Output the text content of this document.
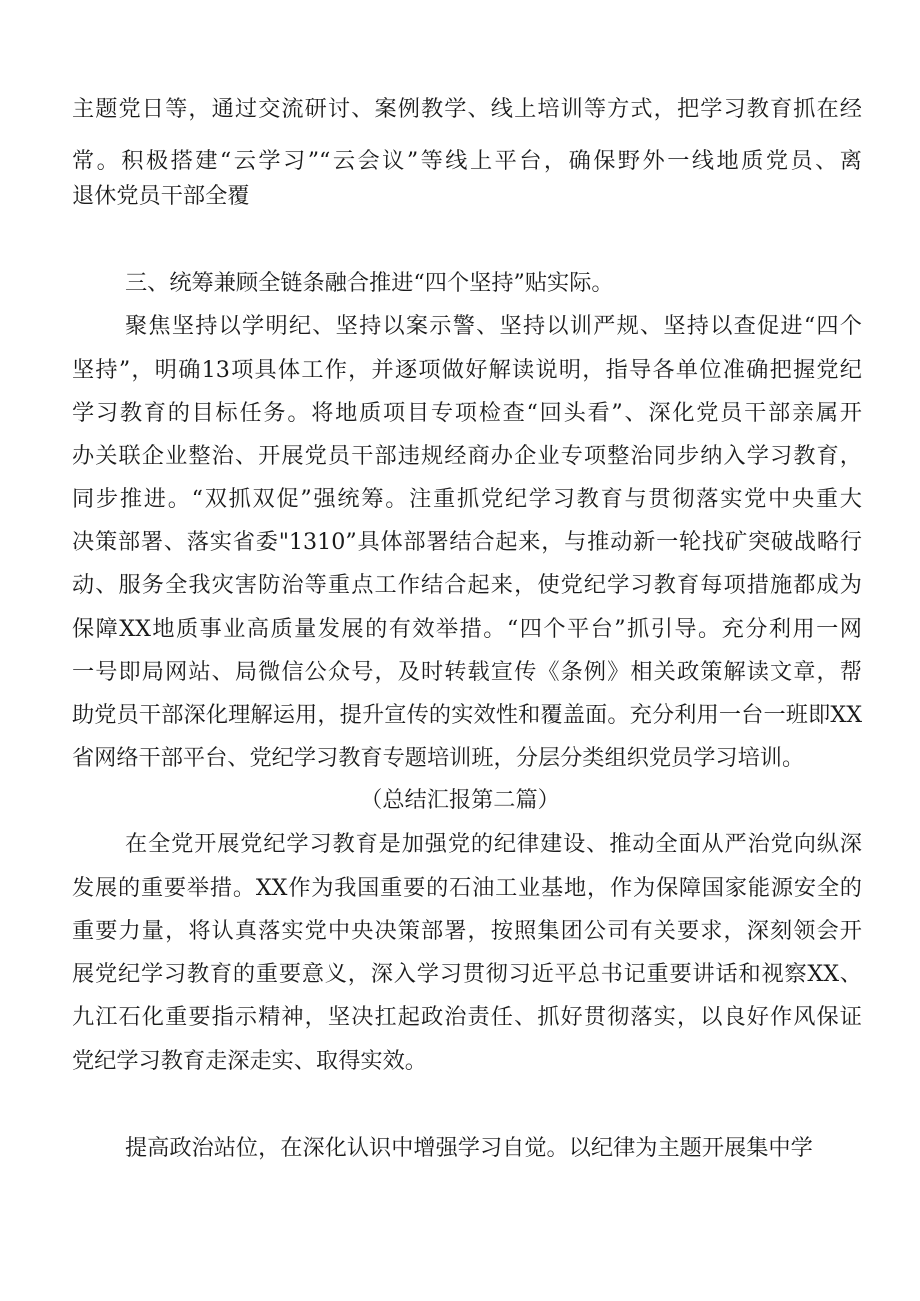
主题党日等，通过交流研讨、案例教学、线上培训等方式，把学习教育抓在经
常。积极搭建“云学习”“云会议”等线上平台，确保野外一线地质党员、离
退休党员干部全覆
三、统筹兼顾全链条融合推进“四个坚持”贴实际。
聚焦坚持以学明纪、坚持以案示警、坚持以训严规、坚持以查促进“四个
坚持”，明确13项具体工作，并逐项做好解读说明，指导各单位准确把握党纪
学习教育的目标任务。将地质项目专项检查“回头看”、深化党员干部亲属开
办关联企业整治、开展党员干部违规经商办企业专项整治同步纳入学习教育，
同步推进。“双抓双促”强统筹。注重抓党纪学习教育与贯彻落实党中央重大
决策部署、落实省委"1310”具体部署结合起来，与推动新一轮找矿突破战略行
动、服务全我灾害防治等重点工作结合起来，使党纪学习教育每项措施都成为
保障XX地质事业高质量发展的有效举措。“四个平台”抓引导。充分利用一网
一号即局网站、局微信公众号，及时转载宣传《条例》相关政策解读文章，帮
助党员干部深化理解运用，提升宣传的实效性和覆盖面。充分利用一台一班即XX
省网络干部平台、党纪学习教育专题培训班，分层分类组织党员学习培训。
（总结汇报第二篇）
在全党开展党纪学习教育是加强党的纪律建设、推动全面从严治党向纵深
发展的重要举措。XX作为我国重要的石油工业基地，作为保障国家能源安全的
重要力量，将认真落实党中央决策部署，按照集团公司有关要求，深刻领会开
展党纪学习教育的重要意义，深入学习贯彻习近平总书记重要讲话和视察XX、
九江石化重要指示精神，坚决扛起政治责任、抓好贯彻落实，以良好作风保证
党纪学习教育走深走实、取得实效。
提高政治站位，在深化认识中增强学习自觉。以纪律为主题开展集中学
